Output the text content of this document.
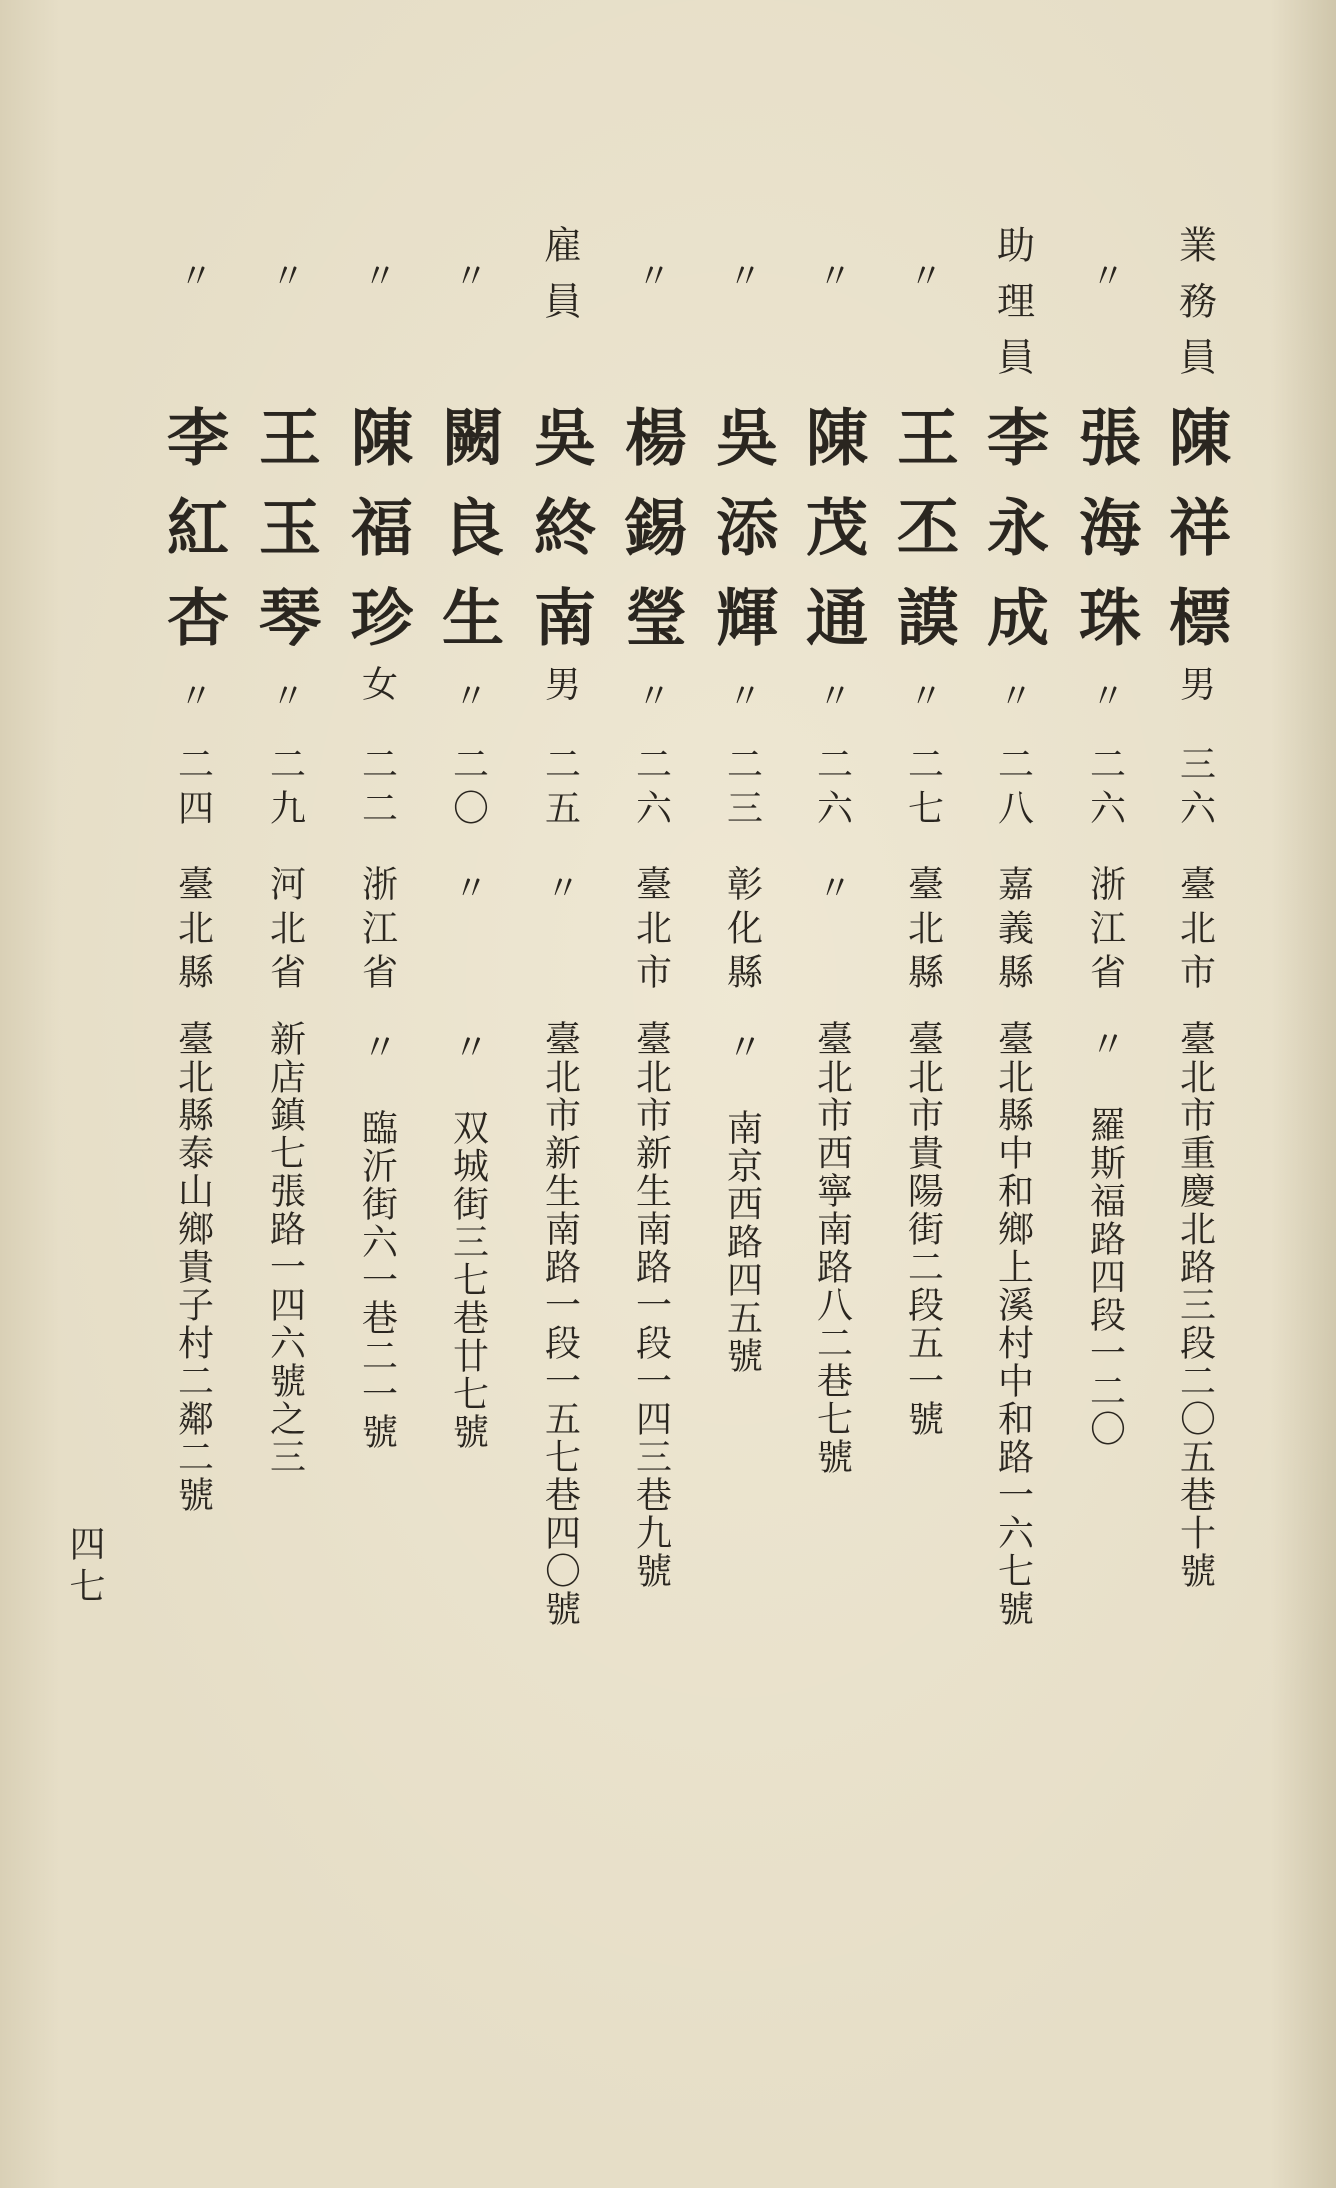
業務員
陳祥標
男
三六
臺北市
臺北市重慶北路三段二〇五巷十號
〃
張海珠
〃
二六
浙江省
〃 羅斯福路四段一二〇
助理員
李永成
〃
二八
嘉義縣
臺北縣中和鄉上溪村中和路一六七號
〃
王丕謨
〃
二七
臺北縣
臺北市貴陽街二段五一號
〃
陳茂通
〃
二六
〃
臺北市西寧南路八二巷七號
〃
吳添輝
〃
二三
彰化縣
〃 南京西路四五號
〃
楊錫瑩
〃
二六
臺北市
臺北市新生南路一段一四三巷九號
雇員
吳終南
男
二五
〃
臺北市新生南路一段一五七巷四〇號
〃
闕良生
〃
二〇
〃
〃 双城街三七巷廿七號
〃
陳福珍
女
二二
浙江省
〃 臨沂街六一巷二一號
〃
王玉琴
〃
二九
河北省
新店鎮七張路一四六號之三
〃
李紅杏
〃
二四
臺北縣
臺北縣泰山鄉貴子村二鄰二號
四七
